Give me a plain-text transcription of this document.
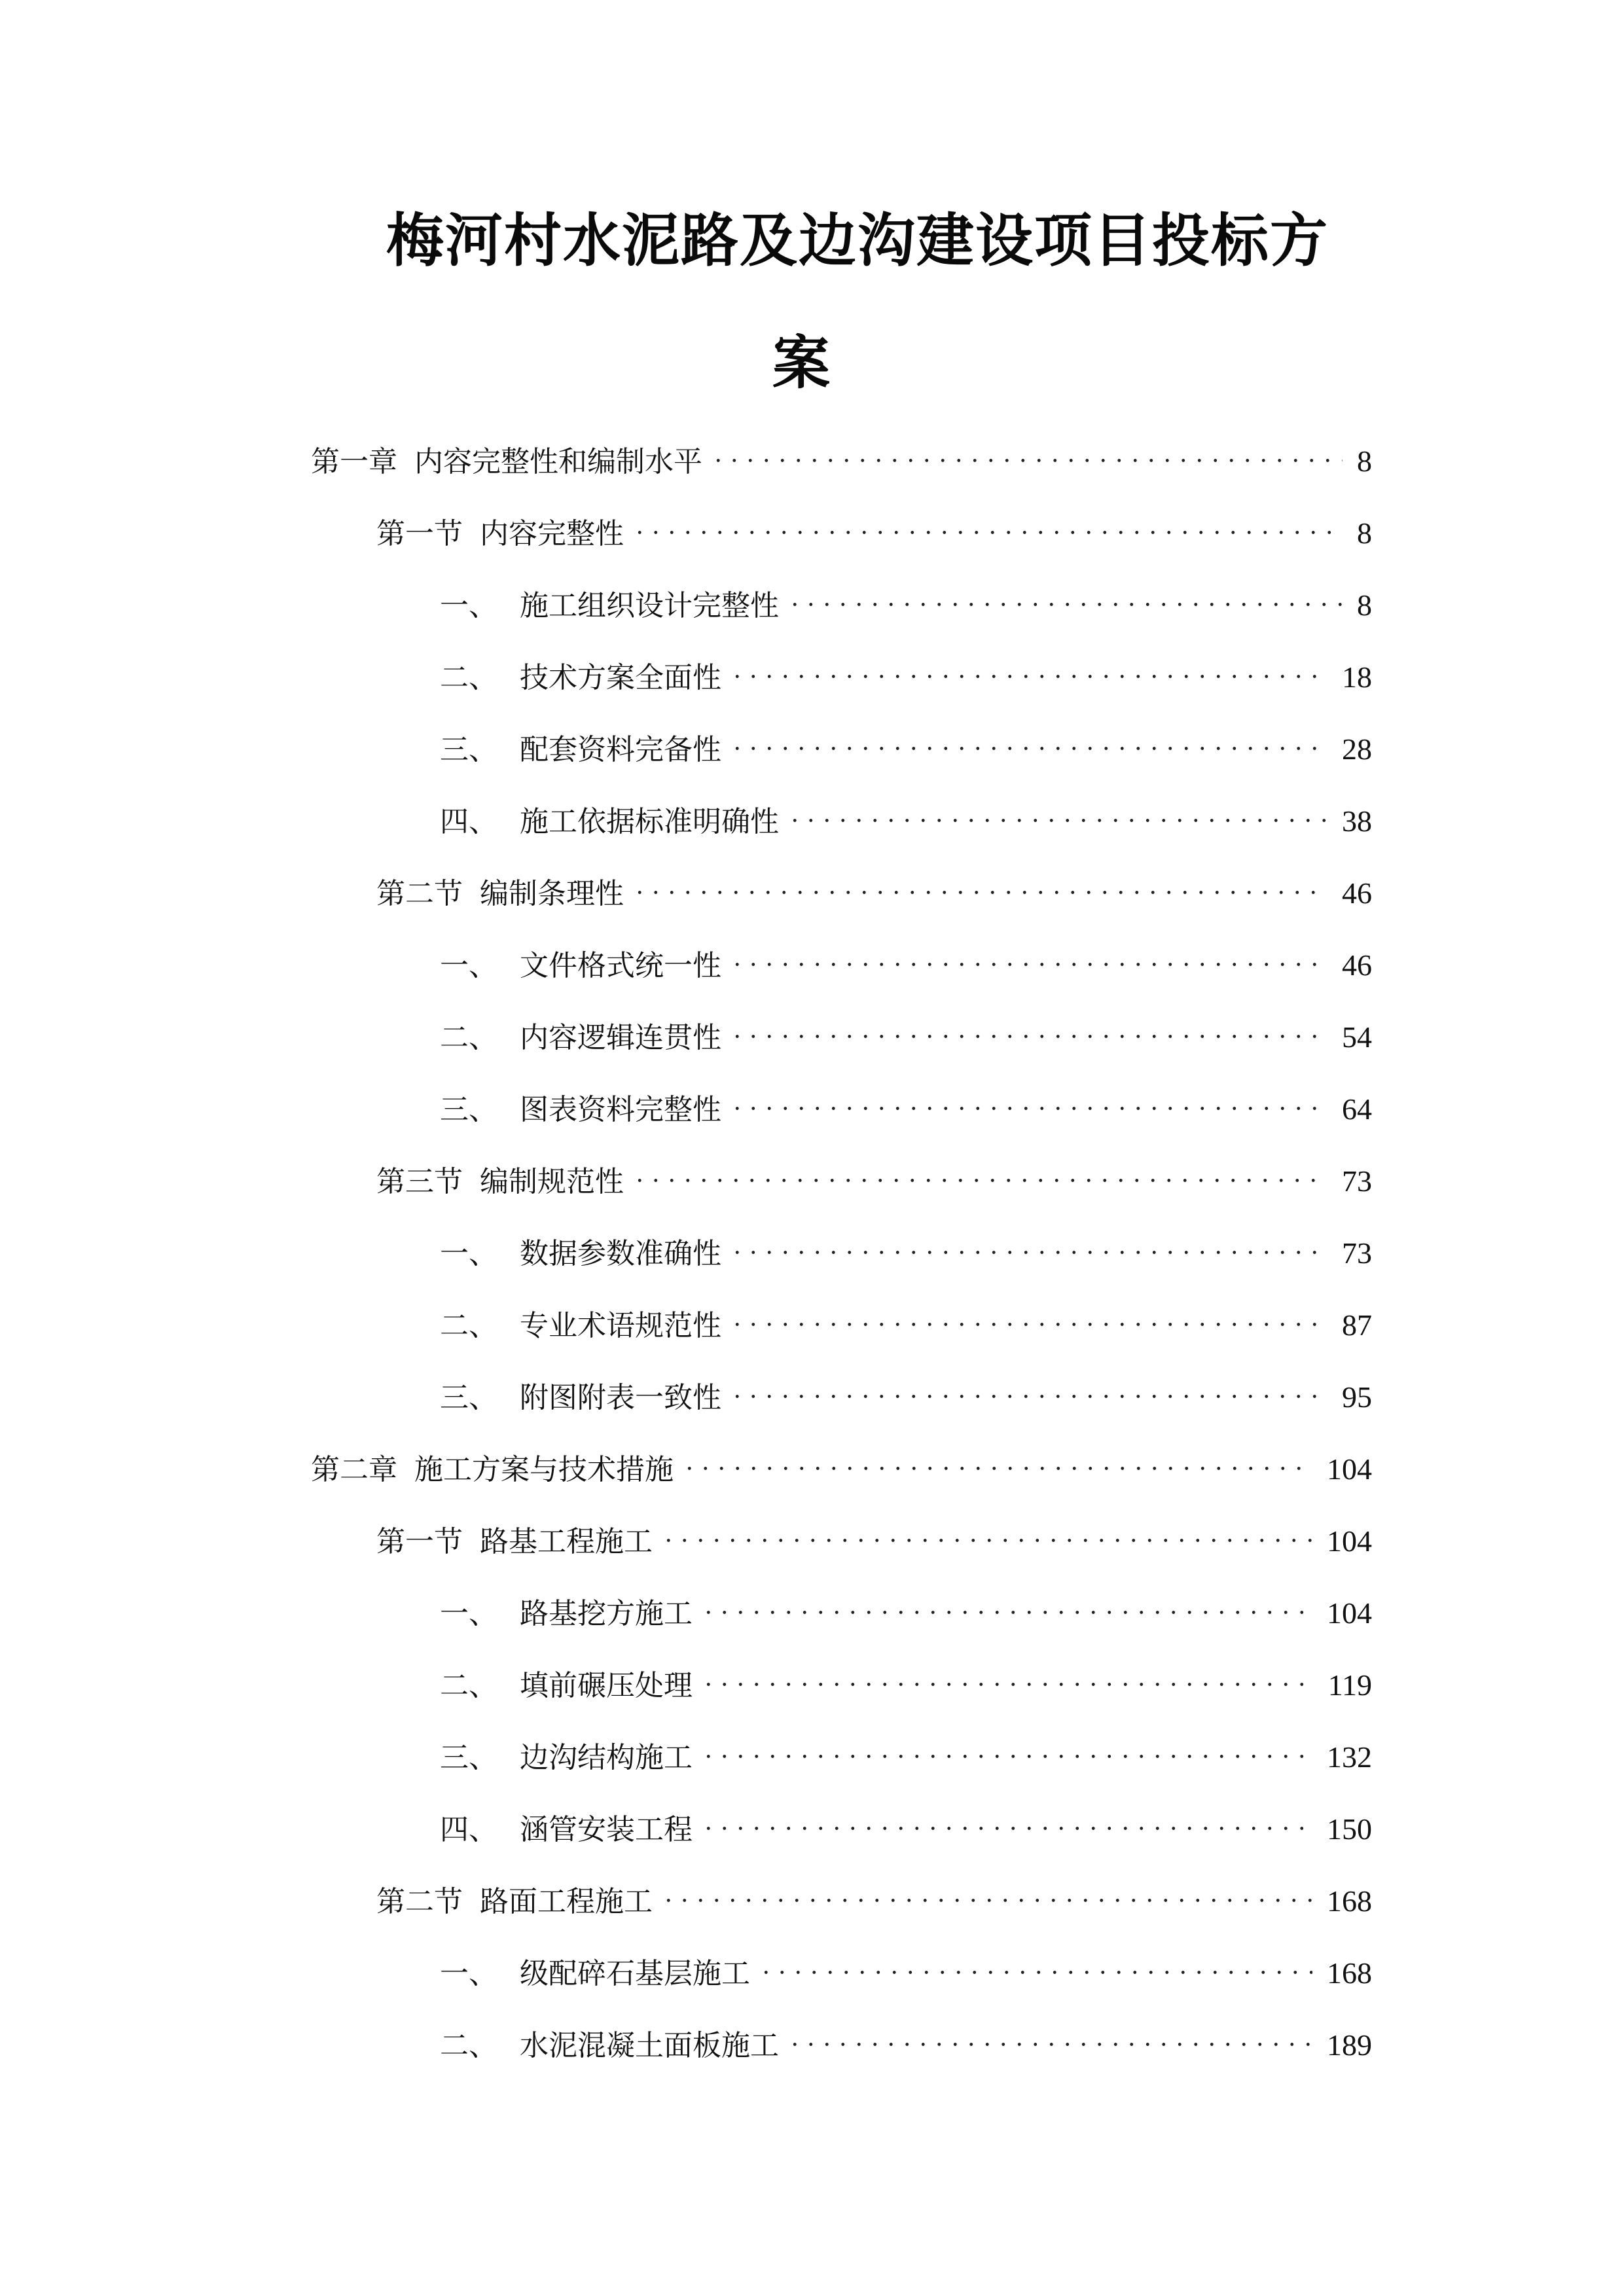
梅河村水泥路及边沟建设项目投标方
案
第一章 内容完整性和编制水平	8
第一节 内容完整性	8
一、 施工组织设计完整性	8
二、 技术方案全面性	18
三、 配套资料完备性	28
四、 施工依据标准明确性	38
第二节 编制条理性	46
一、 文件格式统一性	46
二、 内容逻辑连贯性	54
三、 图表资料完整性	64
第三节 编制规范性	73
一、 数据参数准确性	73
二、 专业术语规范性	87
三、 附图附表一致性	95
第二章 施工方案与技术措施	104
第一节 路基工程施工	104
一、 路基挖方施工	104
二、 填前碾压处理	119
三、 边沟结构施工	132
四、 涵管安装工程	150
第二节 路面工程施工	168
一、 级配碎石基层施工	168
二、 水泥混凝土面板施工	189
